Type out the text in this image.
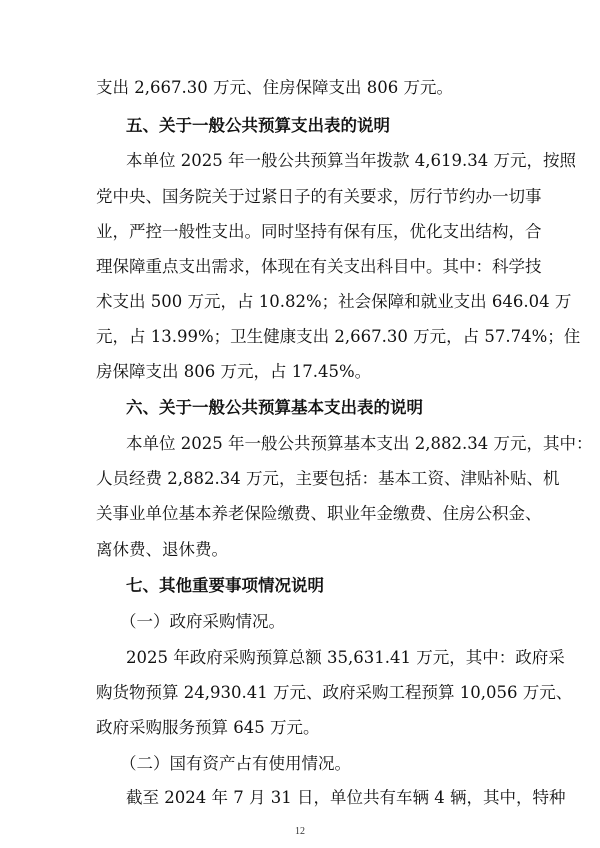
支出 2,667.30 万元、住房保障支出 806 万元。
五、关于一般公共预算支出表的说明
本单位 2025 年一般公共预算当年拨款 4,619.34 万元，按照
党中央、国务院关于过紧日子的有关要求，厉行节约办一切事
业，严控一般性支出。同时坚持有保有压，优化支出结构，合
理保障重点支出需求，体现在有关支出科目中。其中：科学技
术支出 500 万元，占 10.82%；社会保障和就业支出 646.04 万
元，占 13.99%；卫生健康支出 2,667.30 万元，占 57.74%；住
房保障支出 806 万元，占 17.45%。
六、关于一般公共预算基本支出表的说明
本单位 2025 年一般公共预算基本支出 2,882.34 万元，其中：
人员经费 2,882.34 万元，主要包括：基本工资、津贴补贴、机
关事业单位基本养老保险缴费、职业年金缴费、住房公积金、
离休费、退休费。
七、其他重要事项情况说明
（一）政府采购情况。
2025 年政府采购预算总额 35,631.41 万元，其中：政府采
购货物预算 24,930.41 万元、政府采购工程预算 10,056 万元、
政府采购服务预算 645 万元。
（二）国有资产占有使用情况。
截至 2024 年 7 月 31 日，单位共有车辆 4 辆，其中，特种
12
